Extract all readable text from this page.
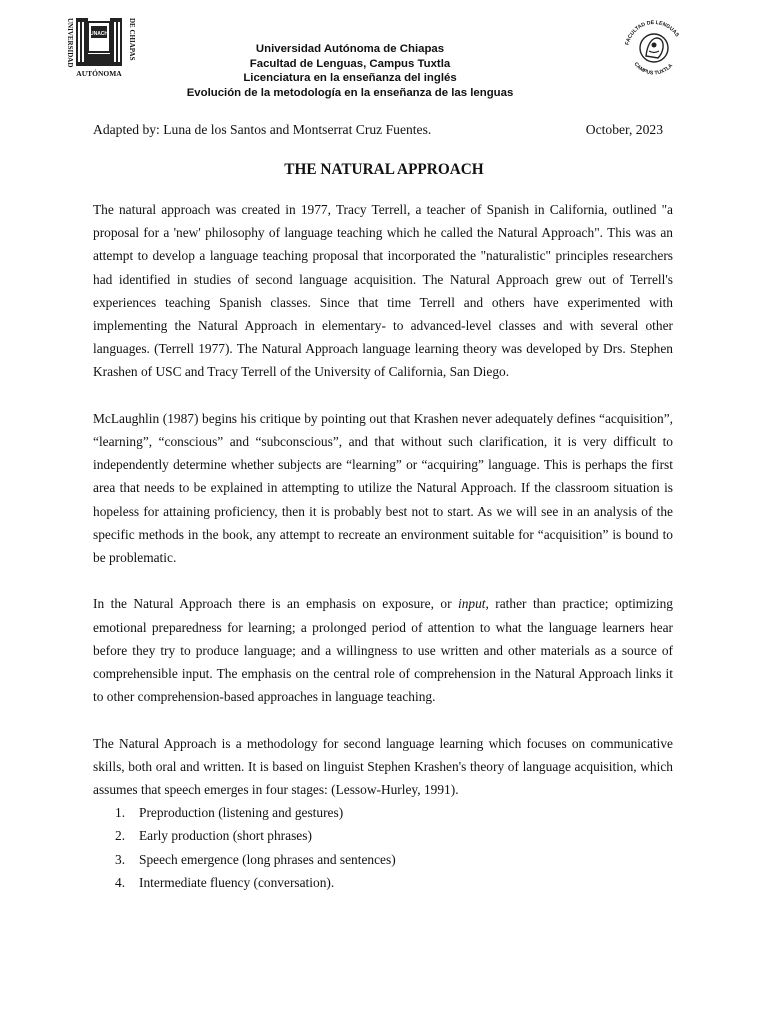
UNIVERSIDAD	DE CHIAPAS
UNACH
AUTÓNOMA
Universidad Autónoma de Chiapas
Facultad de Lenguas, Campus Tuxtla
Licenciatura en la enseñanza del inglés
Evolución de la metodología en la enseñanza de las lenguas
FACULTAD DE LENGUAS
CAMPUS TUXTLA
Adapted by: Luna de los Santos and Montserrat Cruz Fuentes.	October, 2023
THE NATURAL APPROACH

The natural approach was created in 1977, Tracy Terrell, a teacher of Spanish in California, outlined "a proposal for a 'new' philosophy of language teaching which he called the Natural Approach". This was an attempt to develop a language teaching proposal that incorporated the "naturalistic" principles researchers had identified in studies of second language acquisition. The Natural Approach grew out of Terrell's experiences teaching Spanish classes. Since that time Terrell and others have experimented with implementing the Natural Approach in elementary- to advanced-level classes and with several other languages. (Terrell 1977). The Natural Approach language learning theory was developed by Drs. Stephen Krashen of USC and Tracy Terrell of the University of California, San Diego.

McLaughlin (1987) begins his critique by pointing out that Krashen never adequately defines “acquisition”, “learning”, “conscious” and “subconscious”, and that without such clarification, it is very difficult to independently determine whether subjects are “learning” or “acquiring” language. This is perhaps the first area that needs to be explained in attempting to utilize the Natural Approach. If the classroom situation is hopeless for attaining proficiency, then it is probably best not to start. As we will see in an analysis of the specific methods in the book, any attempt to recreate an environment suitable for “acquisition” is bound to be problematic.

In the Natural Approach there is an emphasis on exposure, or input, rather than practice; optimizing emotional preparedness for learning; a prolonged period of attention to what the language learners hear before they try to produce language; and a willingness to use written and other materials as a source of comprehensible input. The emphasis on the central role of comprehension in the Natural Approach links it to other comprehension-based approaches in language teaching.

The Natural Approach is a methodology for second language learning which focuses on communicative skills, both oral and written. It is based on linguist Stephen Krashen's theory of language acquisition, which assumes that speech emerges in four stages: (Lessow-Hurley, 1991).

1.	Preproduction (listening and gestures)
2.	Early production (short phrases)
3.	Speech emergence (long phrases and sentences)
4.	Intermediate fluency (conversation).
